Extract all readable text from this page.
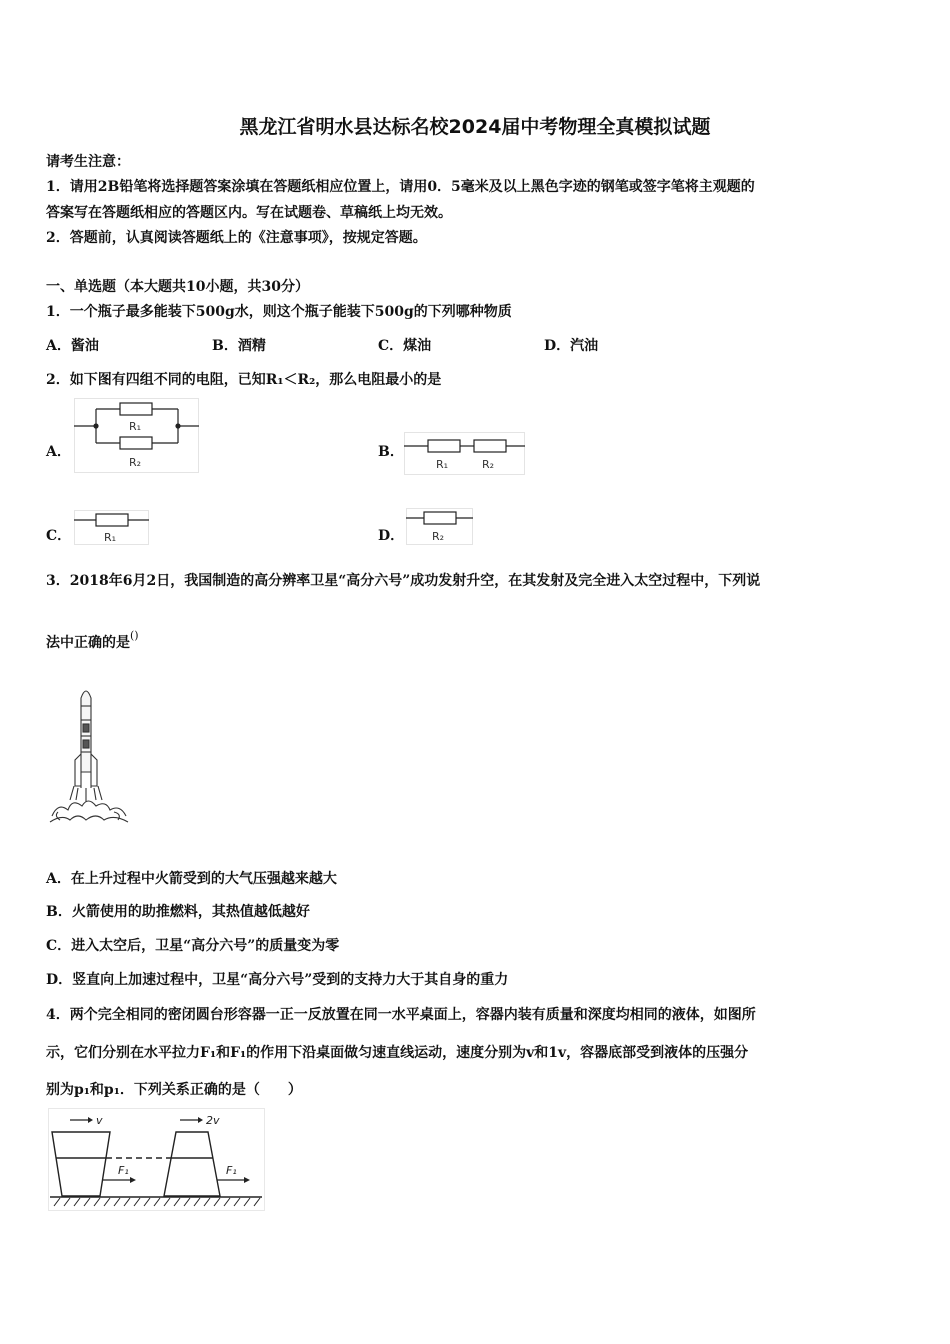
黑龙江省明水县达标名校2024届中考物理全真模拟试题
请考生注意：
1．请用2B铅笔将选择题答案涂填在答题纸相应位置上，请用0．5毫米及以上黑色字迹的钢笔或签字笔将主观题的
答案写在答题纸相应的答题区内。写在试题卷、草稿纸上均无效。
2．答题前，认真阅读答题纸上的《注意事项》，按规定答题。
一、单选题（本大题共10小题，共30分）
1．一个瓶子最多能装下500g水，则这个瓶子能装下500g的下列哪种物质
A．酱油	B．酒精	C．煤油	D．汽油
2．如下图有四组不同的电阻，已知R₁＜R₂，那么电阻最小的是
A．
R₁
R₂
B．
R₁	R₂
C．	R₁	D．	R₂
3．2018年6月2日，我国制造的高分辨率卫星“高分六号”成功发射升空，在其发射及完全进入太空过程中，下列说
法中正确的是()
A．在上升过程中火箭受到的大气压强越来越大
B．火箭使用的助推燃料，其热值越低越好
C．进入太空后，卫星“高分六号”的质量变为零
D．竖直向上加速过程中，卫星“高分六号”受到的支持力大于其自身的重力
4．两个完全相同的密闭圆台形容器一正一反放置在同一水平桌面上，容器内装有质量和深度均相同的液体，如图所
示，它们分别在水平拉力F₁和F₁的作用下沿桌面做匀速直线运动，速度分别为v和1v，容器底部受到液体的压强分
别为p₁和p₁．下列关系正确的是（　　）
v	2v
F₁	F₁
